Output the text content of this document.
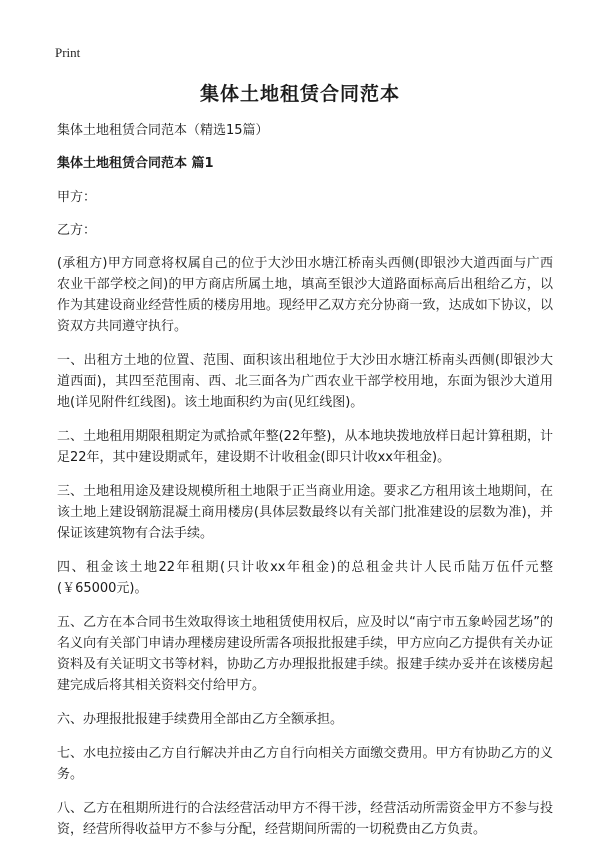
Print
集体土地租赁合同范本

集体土地租赁合同范本（精选15篇）

集体土地租赁合同范本 篇1

甲方：

乙方：

(承租方)甲方同意将权属自己的位于大沙田水塘江桥南头西侧(即银沙大道西面与广西农业干部学校之间)的甲方商店所属土地，填高至银沙大道路面标高后出租给乙方，以作为其建设商业经营性质的楼房用地。现经甲乙双方充分协商一致，达成如下协议，以资双方共同遵守执行。

一、出租方土地的位置、范围、面积该出租地位于大沙田水塘江桥南头西侧(即银沙大道西面)，其四至范围南、西、北三面各为广西农业干部学校用地，东面为银沙大道用地(详见附件红线图)。该土地面积约为亩(见红线图)。

二、土地租用期限租期定为贰拾贰年整(22年整)，从本地块拨地放样日起计算租期，计足22年，其中建设期贰年，建设期不计收租金(即只计收xx年租金)。

三、土地租用途及建设规模所租土地限于正当商业用途。要求乙方租用该土地期间，在该土地上建设钢筋混凝土商用楼房(具体层数最终以有关部门批准建设的层数为准)，并保证该建筑物有合法手续。

四、租金该土地22年租期(只计收xx年租金)的总租金共计人民币陆万伍仟元整(￥65000元)。

五、乙方在本合同书生效取得该土地租赁使用权后，应及时以“南宁市五象岭园艺场”的名义向有关部门申请办理楼房建设所需各项报批报建手续，甲方应向乙方提供有关办证资料及有关证明文书等材料，协助乙方办理报批报建手续。报建手续办妥并在该楼房起建完成后将其相关资料交付给甲方。

六、办理报批报建手续费用全部由乙方全额承担。

七、水电拉接由乙方自行解决并由乙方自行向相关方面缴交费用。甲方有协助乙方的义务。

八、乙方在租期所进行的合法经营活动甲方不得干涉，经营活动所需资金甲方不参与投资，经营所得收益甲方不参与分配，经营期间所需的一切税费由乙方负责。
